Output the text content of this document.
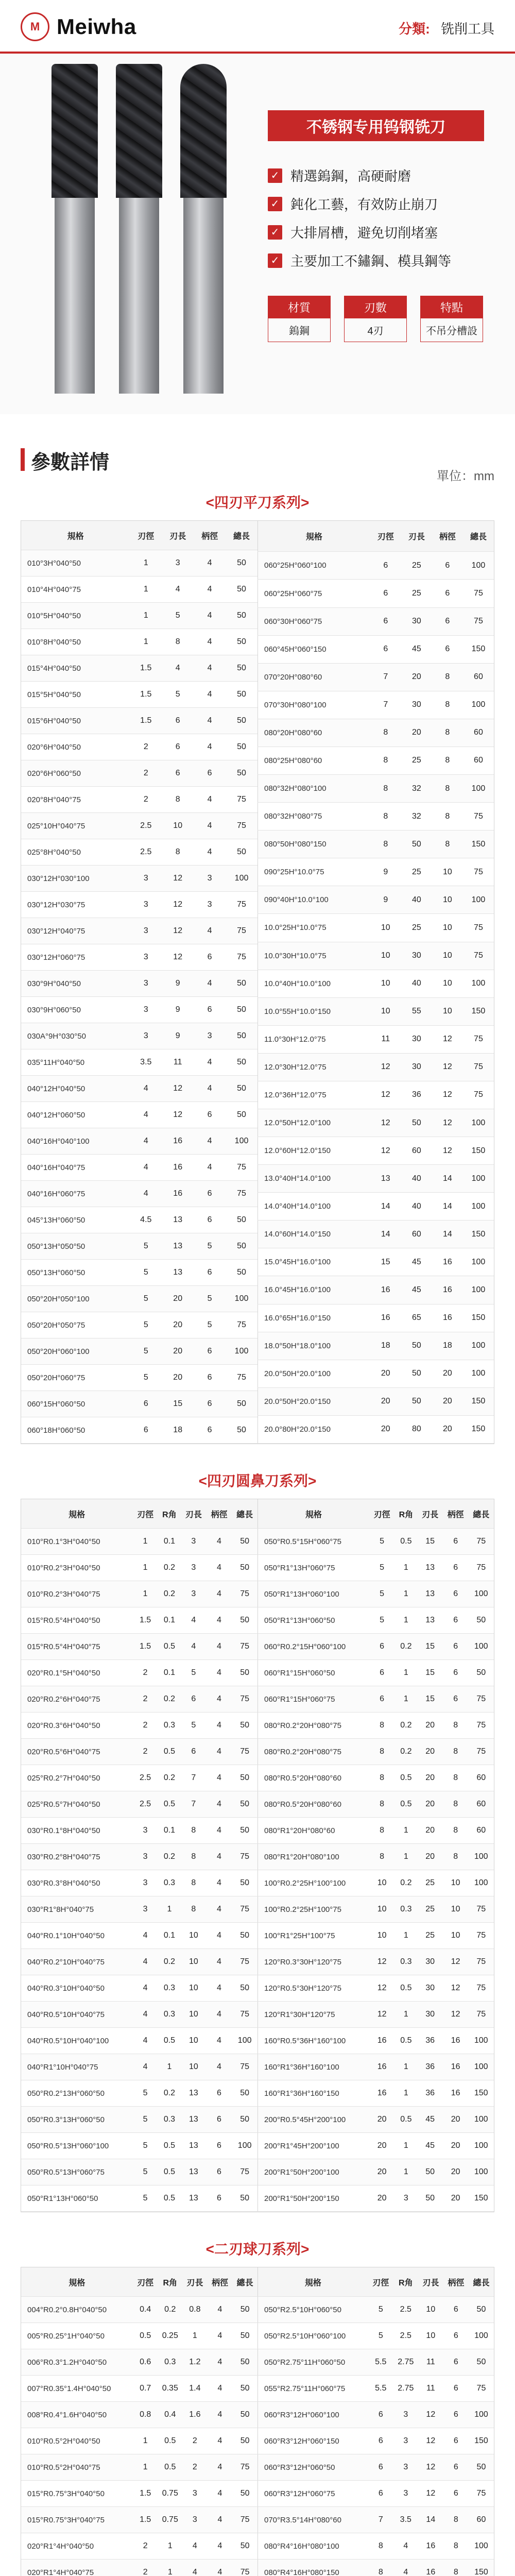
M Meiwha	分類: 铣削工具
不锈钢专用钨钢铣刀
✓ 精選鎢鋼，高硬耐磨
✓ 鈍化工藝，有效防止崩刀
✓ 大排屑槽，避免切削堵塞
✓ 主要加工不鏽鋼、模具鋼等
材質
鎢鋼
刃數
4刃
特點
不吊分槽設
參數詳情
單位：mm
<四刃平刀系列>
規格	刃徑	刃長	柄徑	總長
010°3H°040°50	1	3	4	50
010°4H°040°75	1	4	4	50
010°5H°040°50	1	5	4	50
010°8H°040°50	1	8	4	50
015°4H°040°50	1.5	4	4	50
015°5H°040°50	1.5	5	4	50
015°6H°040°50	1.5	6	4	50
020°6H°040°50	2	6	4	50
020°6H°060°50	2	6	6	50
020°8H°040°75	2	8	4	75
025°10H°040°75	2.5	10	4	75
025°8H°040°50	2.5	8	4	50
030°12H°030°100	3	12	3	100
030°12H°030°75	3	12	3	75
030°12H°040°75	3	12	4	75
030°12H°060°75	3	12	6	75
030°9H°040°50	3	9	4	50
030°9H°060°50	3	9	6	50
030A°9H°030°50	3	9	3	50
035°11H°040°50	3.5	11	4	50
040°12H°040°50	4	12	4	50
040°12H°060°50	4	12	6	50
040°16H°040°100	4	16	4	100
040°16H°040°75	4	16	4	75
040°16H°060°75	4	16	6	75
045°13H°060°50	4.5	13	6	50
050°13H°050°50	5	13	5	50
050°13H°060°50	5	13	6	50
050°20H°050°100	5	20	5	100
050°20H°050°75	5	20	5	75
050°20H°060°100	5	20	6	100
050°20H°060°75	5	20	6	75
060°15H°060°50	6	15	6	50
060°18H°060°50	6	18	6	50
規格	刃徑	刃長	柄徑	總長
060°25H°060°100	6	25	6	100
060°25H°060°75	6	25	6	75
060°30H°060°75	6	30	6	75
060°45H°060°150	6	45	6	150
070°20H°080°60	7	20	8	60
070°30H°080°100	7	30	8	100
080°20H°080°60	8	20	8	60
080°25H°080°60	8	25	8	60
080°32H°080°100	8	32	8	100
080°32H°080°75	8	32	8	75
080°50H°080°150	8	50	8	150
090°25H°10.0°75	9	25	10	75
090°40H°10.0°100	9	40	10	100
10.0°25H°10.0°75	10	25	10	75
10.0°30H°10.0°75	10	30	10	75
10.0°40H°10.0°100	10	40	10	100
10.0°55H°10.0°150	10	55	10	150
11.0°30H°12.0°75	11	30	12	75
12.0°30H°12.0°75	12	30	12	75
12.0°36H°12.0°75	12	36	12	75
12.0°50H°12.0°100	12	50	12	100
12.0°60H°12.0°150	12	60	12	150
13.0°40H°14.0°100	13	40	14	100
14.0°40H°14.0°100	14	40	14	100
14.0°60H°14.0°150	14	60	14	150
15.0°45H°16.0°100	15	45	16	100
16.0°45H°16.0°100	16	45	16	100
16.0°65H°16.0°150	16	65	16	150
18.0°50H°18.0°100	18	50	18	100
20.0°50H°20.0°100	20	50	20	100
20.0°50H°20.0°150	20	50	20	150
20.0°80H°20.0°150	20	80	20	150
<四刃圆鼻刀系列>
規格	刃徑	R角	刃長	柄徑	總長
010°R0.1°3H°040°50	1	0.1	3	4	50
010°R0.2°3H°040°50	1	0.2	3	4	50
010°R0.2°3H°040°75	1	0.2	3	4	75
015°R0.5°4H°040°50	1.5	0.1	4	4	50
015°R0.5°4H°040°75	1.5	0.5	4	4	75
020°R0.1°5H°040°50	2	0.1	5	4	50
020°R0.2°6H°040°75	2	0.2	6	4	75
020°R0.3°6H°040°50	2	0.3	5	4	50
020°R0.5°6H°040°75	2	0.5	6	4	75
025°R0.2°7H°040°50	2.5	0.2	7	4	50
025°R0.5°7H°040°50	2.5	0.5	7	4	50
030°R0.1°8H°040°50	3	0.1	8	4	50
030°R0.2°8H°040°75	3	0.2	8	4	75
030°R0.3°8H°040°50	3	0.3	8	4	50
030°R1°8H°040°75	3	1	8	4	75
040°R0.1°10H°040°50	4	0.1	10	4	50
040°R0.2°10H°040°75	4	0.2	10	4	75
040°R0.3°10H°040°50	4	0.3	10	4	50
040°R0.5°10H°040°75	4	0.3	10	4	75
040°R0.5°10H°040°100	4	0.5	10	4	100
040°R1°10H°040°75	4	1	10	4	75
050°R0.2°13H°060°50	5	0.2	13	6	50
050°R0.3°13H°060°50	5	0.3	13	6	50
050°R0.5°13H°060°100	5	0.5	13	6	100
050°R0.5°13H°060°75	5	0.5	13	6	75
050°R1°13H°060°50	5	0.5	13	6	50
規格	刃徑	R角	刃長	柄徑	總長
050°R0.5°15H°060°75	5	0.5	15	6	75
050°R1°13H°060°75	5	1	13	6	75
050°R1°13H°060°100	5	1	13	6	100
050°R1°13H°060°50	5	1	13	6	50
060°R0.2°15H°060°100	6	0.2	15	6	100
060°R1°15H°060°50	6	1	15	6	50
060°R1°15H°060°75	6	1	15	6	75
080°R0.2°20H°080°75	8	0.2	20	8	75
080°R0.2°20H°080°75	8	0.2	20	8	75
080°R0.5°20H°080°60	8	0.5	20	8	60
080°R0.5°20H°080°60	8	0.5	20	8	60
080°R1°20H°080°60	8	1	20	8	60
080°R1°20H°080°100	8	1	20	8	100
100°R0.2°25H°100°100	10	0.2	25	10	100
100°R0.2°25H°100°75	10	0.3	25	10	75
100°R1°25H°100°75	10	1	25	10	75
120°R0.3°30H°120°75	12	0.3	30	12	75
120°R0.5°30H°120°75	12	0.5	30	12	75
120°R1°30H°120°75	12	1	30	12	75
160°R0.5°36H°160°100	16	0.5	36	16	100
160°R1°36H°160°100	16	1	36	16	100
160°R1°36H°160°150	16	1	36	16	150
200°R0.5°45H°200°100	20	0.5	45	20	100
200°R1°45H°200°100	20	1	45	20	100
200°R1°50H°200°100	20	1	50	20	100
200°R1°50H°200°150	20	3	50	20	150
<二刃球刀系列>
規格	刃徑	R角	刃長	柄徑	總長
004°R0.2°0.8H°040°50	0.4	0.2	0.8	4	50
005°R0.25°1H°040°50	0.5	0.25	1	4	50
006°R0.3°1.2H°040°50	0.6	0.3	1.2	4	50
007°R0.35°1.4H°040°50	0.7	0.35	1.4	4	50
008°R0.4°1.6H°040°50	0.8	0.4	1.6	4	50
010°R0.5°2H°040°50	1	0.5	2	4	50
010°R0.5°2H°040°75	1	0.5	2	4	75
015°R0.75°3H°040°50	1.5	0.75	3	4	50
015°R0.75°3H°040°75	1.5	0.75	3	4	75
020°R1°4H°040°50	2	1	4	4	50
020°R1°4H°040°75	2	1	4	4	75

規格	刃徑	R角	刃長	柄徑	總長
050°R2.5°10H°060°50	5	2.5	10	6	50
050°R2.5°10H°060°100	5	2.5	10	6	100
050°R2.75°11H°060°50	5.5	2.75	11	6	50
055°R2.75°11H°060°75	5.5	2.75	11	6	75
060°R3°12H°060°100	6	3	12	6	100
060°R3°12H°060°150	6	3	12	6	150
060°R3°12H°060°50	6	3	12	6	50
060°R3°12H°060°75	6	3	12	6	75
070°R3.5°14H°080°60	7	3.5	14	8	60
080°R4°16H°080°100	8	4	16	8	100
080°R4°16H°080°150	8	4	16	8	150
